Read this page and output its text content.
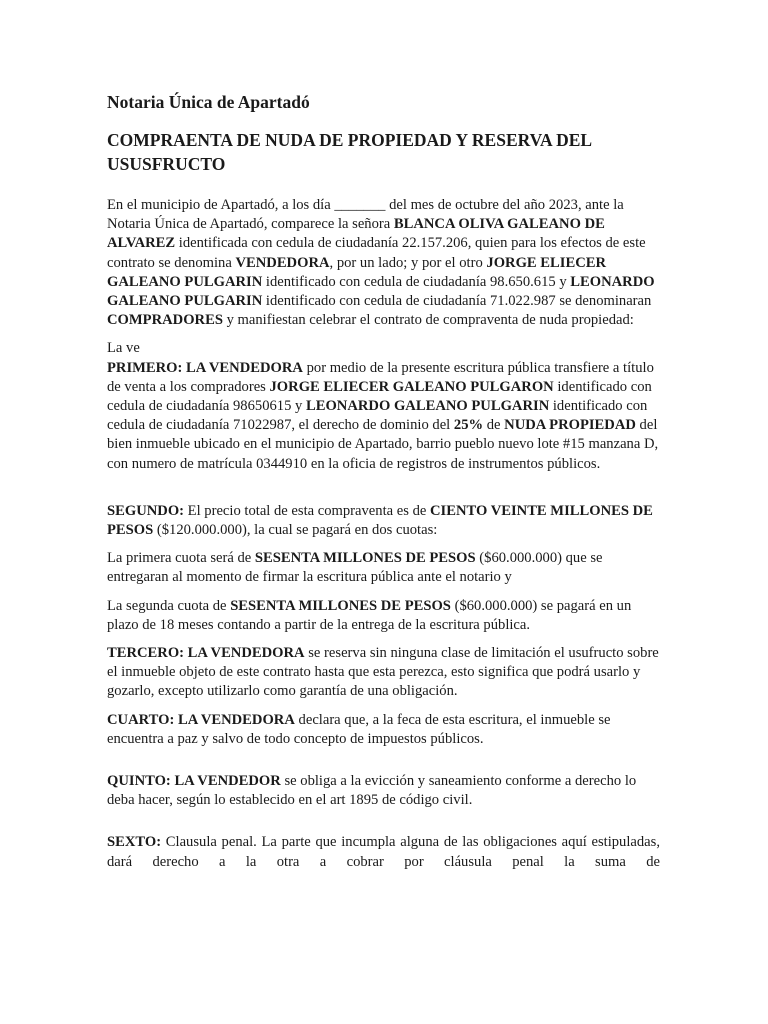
Notaria Única de Apartadó
COMPRAENTA DE NUDA DE PROPIEDAD Y RESERVA DEL USUSFRUCTO

En el municipio de Apartadó, a los día _______ del mes de octubre del año 2023, ante la Notaria Única de Apartadó, comparece la señora BLANCA OLIVA GALEANO DE ALVAREZ identificada con cedula de ciudadanía 22.157.206, quien para los efectos de este contrato se denomina VENDEDORA, por un lado; y por el otro JORGE ELIECER GALEANO PULGARIN identificado con cedula de ciudadanía 98.650.615 y LEONARDO GALEANO PULGARIN identificado con cedula de ciudadanía 71.022.987 se denominaran COMPRADORES y manifiestan celebrar el contrato de compraventa de nuda propiedad:

La ve

PRIMERO: LA VENDEDORA por medio de la presente escritura pública transfiere a título de venta a los compradores JORGE ELIECER GALEANO PULGARON identificado con cedula de ciudadanía 98650615 y LEONARDO GALEANO PULGARIN identificado con cedula de ciudadanía 71022987, el derecho de dominio del 25% de NUDA PROPIEDAD del bien inmueble ubicado en el municipio de Apartado, barrio pueblo nuevo lote #15 manzana D, con numero de matrícula 0344910 en la oficia de registros de instrumentos públicos.

SEGUNDO: El precio total de esta compraventa es de CIENTO VEINTE MILLONES DE PESOS ($120.000.000), la cual se pagará en dos cuotas:

La primera cuota será de SESENTA MILLONES DE PESOS ($60.000.000) que se entregaran al momento de firmar la escritura pública ante el notario y

La segunda cuota de SESENTA MILLONES DE PESOS ($60.000.000) se pagará en un plazo de 18 meses contando a partir de la entrega de la escritura pública.

TERCERO: LA VENDEDORA se reserva sin ninguna clase de limitación el usufructo sobre el inmueble objeto de este contrato hasta que esta perezca, esto significa que podrá usarlo y gozarlo, excepto utilizarlo como garantía de una obligación.

CUARTO: LA VENDEDORA declara que, a la feca de esta escritura, el inmueble se encuentra a paz y salvo de todo concepto de impuestos públicos.

QUINTO: LA VENDEDOR se obliga a la evicción y saneamiento conforme a derecho lo deba hacer, según lo establecido en el art 1895 de código civil.

SEXTO: Clausula penal. La parte que incumpla alguna de las obligaciones aquí estipuladas, dará derecho a la otra a cobrar por cláusula penal la suma de
